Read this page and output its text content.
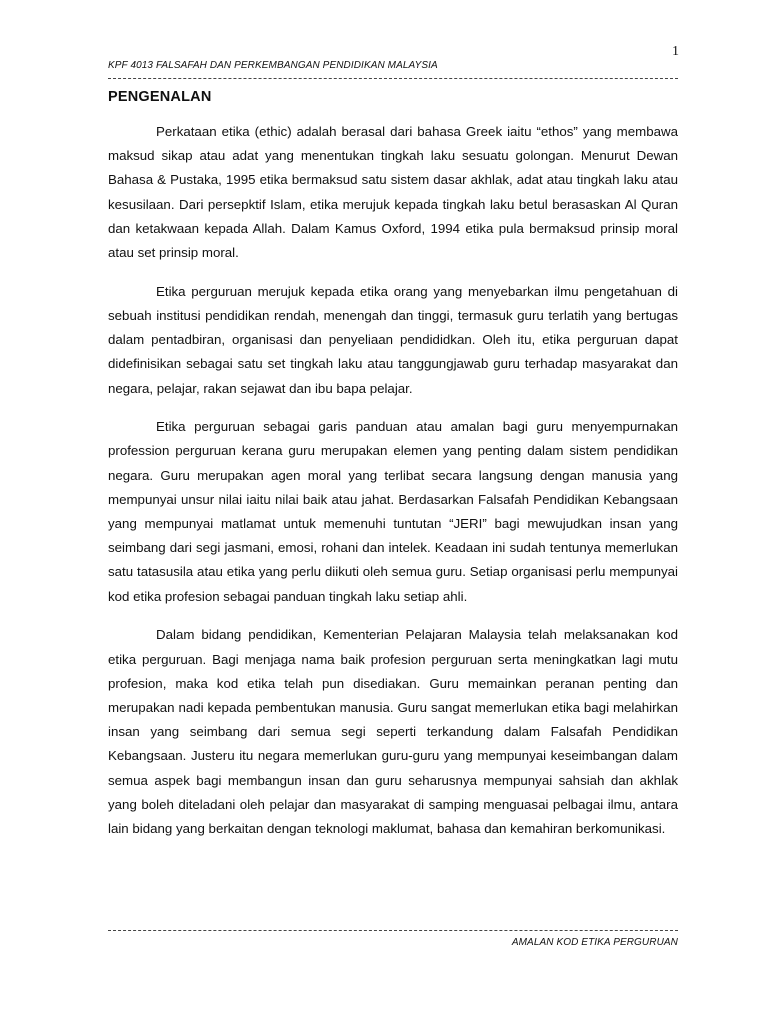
1
KPF 4013 FALSAFAH DAN PERKEMBANGAN PENDIDIKAN MALAYSIA
PENGENALAN

Perkataan etika (ethic) adalah berasal dari bahasa Greek iaitu “ethos” yang membawa maksud sikap atau adat yang menentukan tingkah laku sesuatu golongan. Menurut Dewan Bahasa & Pustaka, 1995 etika bermaksud satu sistem dasar akhlak, adat atau tingkah laku atau kesusilaan. Dari persepktif Islam, etika merujuk kepada tingkah laku betul berasaskan Al Quran dan ketakwaan kepada Allah. Dalam Kamus Oxford, 1994 etika pula bermaksud prinsip moral atau set prinsip moral.

Etika perguruan merujuk kepada etika orang yang menyebarkan ilmu pengetahuan di sebuah institusi pendidikan rendah, menengah dan tinggi, termasuk guru terlatih yang bertugas dalam pentadbiran, organisasi dan penyeliaan pendididkan. Oleh itu, etika perguruan dapat didefinisikan sebagai satu set tingkah laku atau tanggungjawab guru terhadap masyarakat dan negara, pelajar, rakan sejawat dan ibu bapa pelajar.

Etika perguruan sebagai garis panduan atau amalan bagi guru menyempurnakan profession perguruan kerana guru merupakan elemen yang penting dalam sistem pendidikan negara. Guru merupakan agen moral yang terlibat secara langsung dengan manusia yang mempunyai unsur nilai iaitu nilai baik atau jahat. Berdasarkan Falsafah Pendidikan Kebangsaan yang mempunyai matlamat untuk memenuhi tuntutan “JERI” bagi mewujudkan insan yang seimbang dari segi jasmani, emosi, rohani dan intelek. Keadaan ini sudah tentunya memerlukan satu tatasusila atau etika yang perlu diikuti oleh semua guru. Setiap organisasi perlu mempunyai kod etika profesion sebagai panduan tingkah laku setiap ahli.

Dalam bidang pendidikan, Kementerian Pelajaran Malaysia telah melaksanakan kod etika perguruan. Bagi menjaga nama baik profesion perguruan serta meningkatkan lagi mutu profesion, maka kod etika telah pun disediakan. Guru memainkan peranan penting dan merupakan nadi kepada pembentukan manusia. Guru sangat memerlukan etika bagi melahirkan insan yang seimbang dari semua segi seperti terkandung dalam Falsafah Pendidikan Kebangsaan. Justeru itu negara memerlukan guru-guru yang mempunyai keseimbangan dalam semua aspek bagi membangun insan dan guru seharusnya mempunyai sahsiah dan akhlak yang boleh diteladani oleh pelajar dan masyarakat di samping menguasai pelbagai ilmu, antara lain bidang yang berkaitan dengan teknologi maklumat, bahasa dan kemahiran berkomunikasi.

AMALAN KOD ETIKA PERGURUAN
